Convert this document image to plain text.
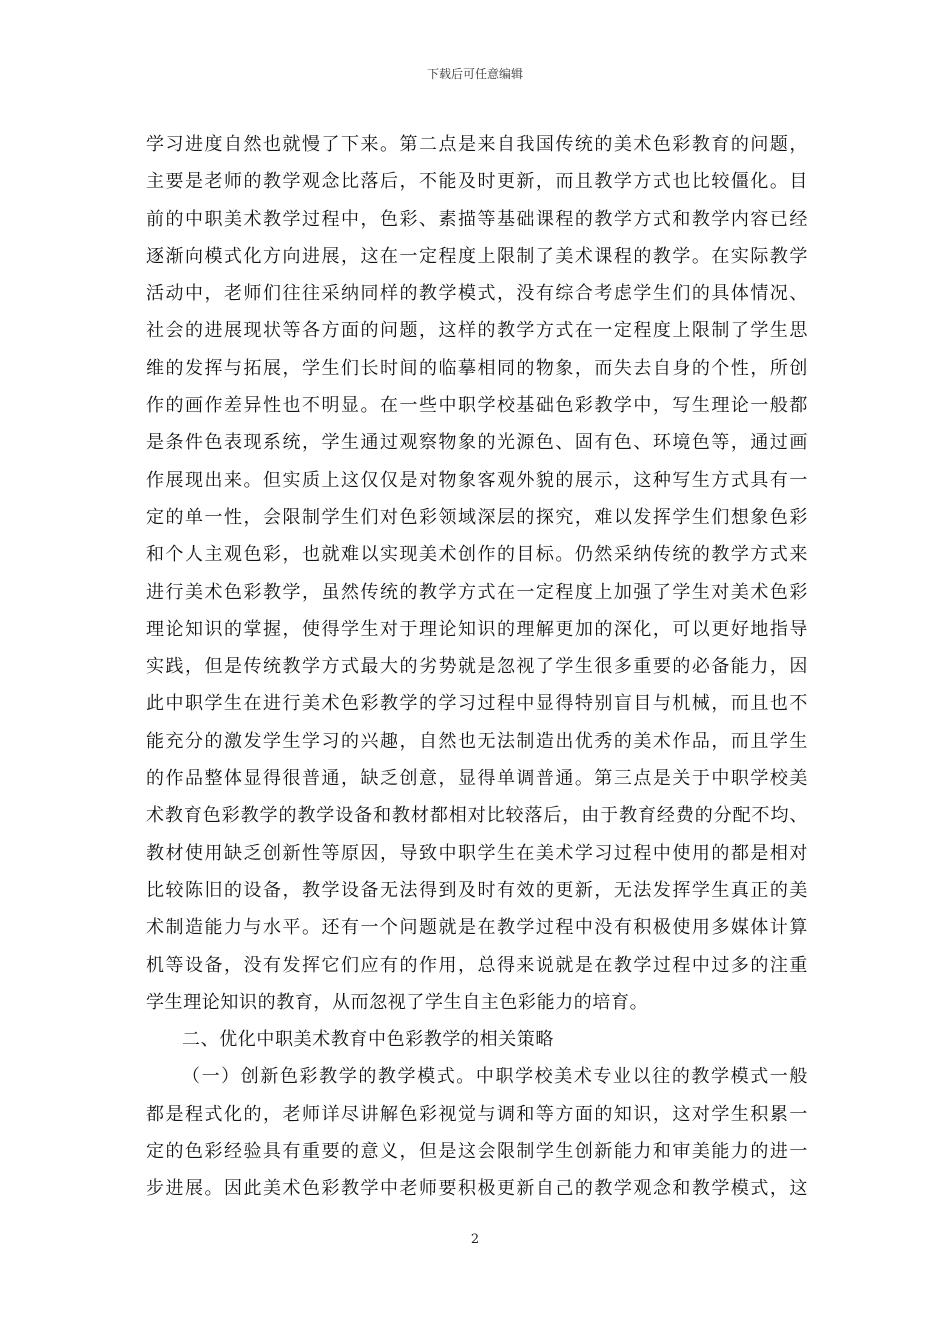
下载后可任意编辑
学习进度自然也就慢了下来。第二点是来自我国传统的美术色彩教育的问题，
主要是老师的教学观念比落后，不能及时更新，而且教学方式也比较僵化。目
前的中职美术教学过程中，色彩、素描等基础课程的教学方式和教学内容已经
逐渐向模式化方向进展，这在一定程度上限制了美术课程的教学。在实际教学
活动中，老师们往往采纳同样的教学模式，没有综合考虑学生们的具体情况、
社会的进展现状等各方面的问题，这样的教学方式在一定程度上限制了学生思
维的发挥与拓展，学生们长时间的临摹相同的物象，而失去自身的个性，所创
作的画作差异性也不明显。在一些中职学校基础色彩教学中，写生理论一般都
是条件色表现系统，学生通过观察物象的光源色、固有色、环境色等，通过画
作展现出来。但实质上这仅仅是对物象客观外貌的展示，这种写生方式具有一
定的单一性，会限制学生们对色彩领域深层的探究，难以发挥学生们想象色彩
和个人主观色彩，也就难以实现美术创作的目标。仍然采纳传统的教学方式来
进行美术色彩教学，虽然传统的教学方式在一定程度上加强了学生对美术色彩
理论知识的掌握，使得学生对于理论知识的理解更加的深化，可以更好地指导
实践，但是传统教学方式最大的劣势就是忽视了学生很多重要的必备能力，因
此中职学生在进行美术色彩教学的学习过程中显得特别盲目与机械，而且也不
能充分的激发学生学习的兴趣，自然也无法制造出优秀的美术作品，而且学生
的作品整体显得很普通，缺乏创意，显得单调普通。第三点是关于中职学校美
术教育色彩教学的教学设备和教材都相对比较落后，由于教育经费的分配不均、
教材使用缺乏创新性等原因，导致中职学生在美术学习过程中使用的都是相对
比较陈旧的设备，教学设备无法得到及时有效的更新，无法发挥学生真正的美
术制造能力与水平。还有一个问题就是在教学过程中没有积极使用多媒体计算
机等设备，没有发挥它们应有的作用，总得来说就是在教学过程中过多的注重
学生理论知识的教育，从而忽视了学生自主色彩能力的培育。
二、优化中职美术教育中色彩教学的相关策略
（一）创新色彩教学的教学模式。中职学校美术专业以往的教学模式一般
都是程式化的，老师详尽讲解色彩视觉与调和等方面的知识，这对学生积累一
定的色彩经验具有重要的意义，但是这会限制学生创新能力和审美能力的进一
步进展。因此美术色彩教学中老师要积极更新自己的教学观念和教学模式，这
2
